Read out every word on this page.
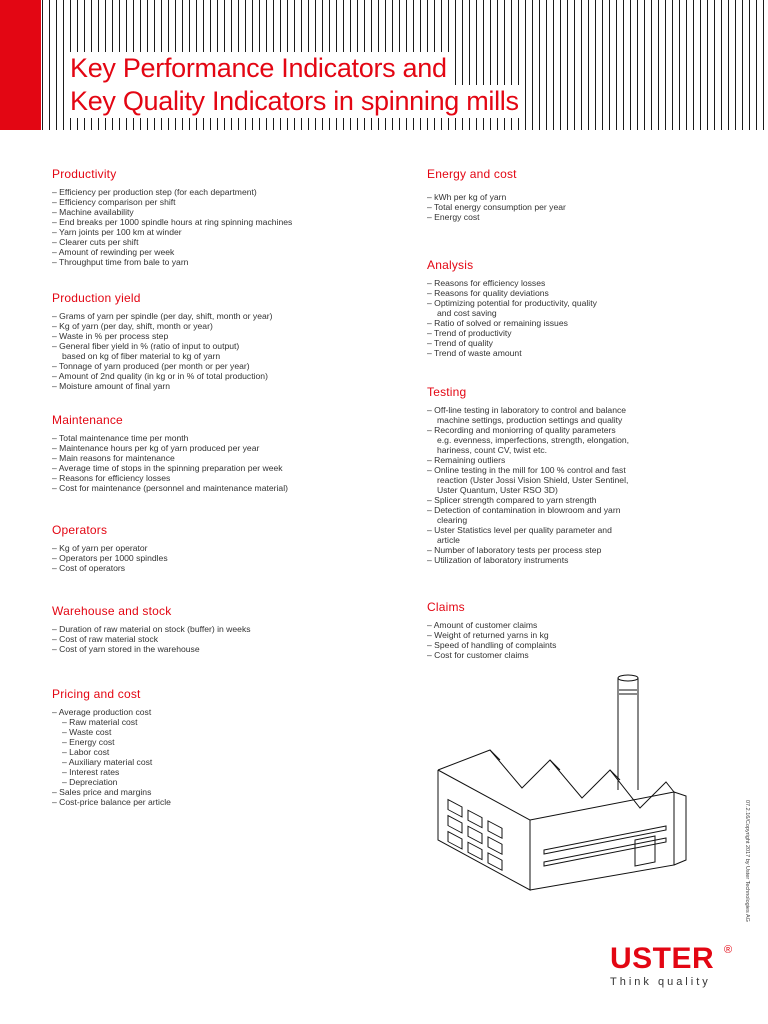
Key Performance Indicators and
Key Quality Indicators in spinning mills
Productivity
– Efficiency per production step (for each department)
– Efficiency comparison per shift
– Machine availability
– End breaks per 1000 spindle hours at ring spinning machines
– Yarn joints per 100 km at winder
– Clearer cuts per shift
– Amount of rewinding per week
– Throughput time from bale to yarn
Production yield
– Grams of yarn per spindle (per day, shift, month or year)
– Kg of yarn (per day, shift, month or year)
– Waste in % per process step
– General fiber yield in % (ratio of input to output)
based on kg of fiber material to kg of yarn
– Tonnage of yarn produced (per month or per year)
– Amount of 2nd quality (in kg or in % of total production)
– Moisture amount of final yarn
Maintenance
– Total maintenance time per month
– Maintenance hours per kg of yarn produced per year
– Main reasons for maintenance
– Average time of stops in the spinning preparation per week
– Reasons for efficiency losses
– Cost for maintenance (personnel and maintenance material)
Operators
– Kg of yarn per operator
– Operators per 1000 spindles
– Cost of operators
Warehouse and stock
– Duration of raw material on stock (buffer) in weeks
– Cost of raw material stock
– Cost of yarn stored in the warehouse
Pricing and cost
– Average production cost
– Raw material cost
– Waste cost
– Energy cost
– Labor cost
– Auxiliary material cost
– Interest rates
– Depreciation
– Sales price and margins
– Cost-price balance per article
Energy and cost
– kWh per kg of yarn
– Total energy consumption per year
– Energy cost
Analysis
– Reasons for efficiency losses
– Reasons for quality deviations
– Optimizing potential for productivity, quality
and cost saving
– Ratio of solved or remaining issues
– Trend of productivity
– Trend of quality
– Trend of waste amount
Testing
– Off-line testing in laboratory to control and balance
machine settings, production settings and quality
– Recording and moniorring of quality parameters
e.g. evenness, imperfections, strength, elongation,
hariness, count CV, twist etc.
– Remaining outliers
– Online testing in the mill for 100 % control and fast
reaction (Uster Jossi Vision Shield, Uster Sentinel,
Uster Quantum, Uster RSO 3D)
– Splicer strength compared to yarn strength
– Detection of contamination in blowroom and yarn
clearing
– Uster Statistics level per quality parameter and
article
– Number of laboratory tests per process step
– Utilization of laboratory instruments
Claims
– Amount of customer claims
– Weight of returned yarns in kg
– Speed of handling of complaints
– Cost for customer claims
07.2.16/Copyright 2017 by Uster Technologies AG
USTER ®
Think quality
